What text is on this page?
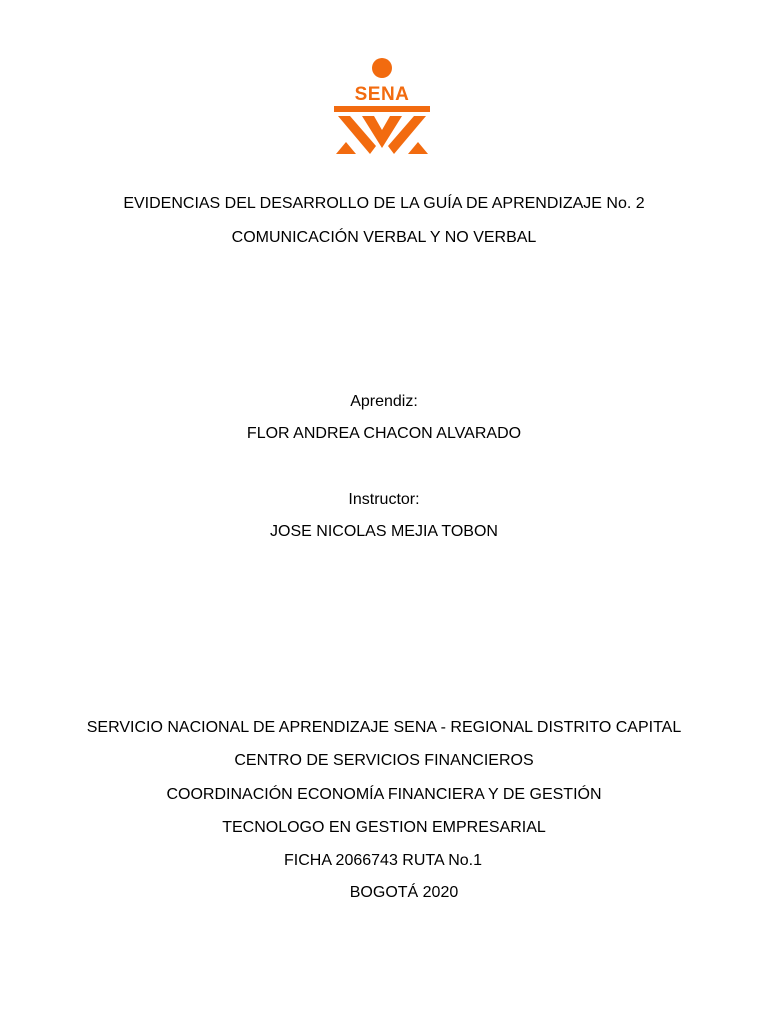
SENA
EVIDENCIAS DEL DESARROLLO DE LA GUÍA DE APRENDIZAJE No. 2
COMUNICACIÓN VERBAL Y NO VERBAL
Aprendiz:
FLOR ANDREA CHACON ALVARADO
Instructor:
JOSE NICOLAS MEJIA TOBON
SERVICIO NACIONAL DE APRENDIZAJE SENA - REGIONAL DISTRITO CAPITAL
CENTRO DE SERVICIOS FINANCIEROS
COORDINACIÓN ECONOMÍA FINANCIERA Y DE GESTIÓN
TECNOLOGO EN GESTION EMPRESARIAL
FICHA 2066743 RUTA No.1
BOGOTÁ 2020
